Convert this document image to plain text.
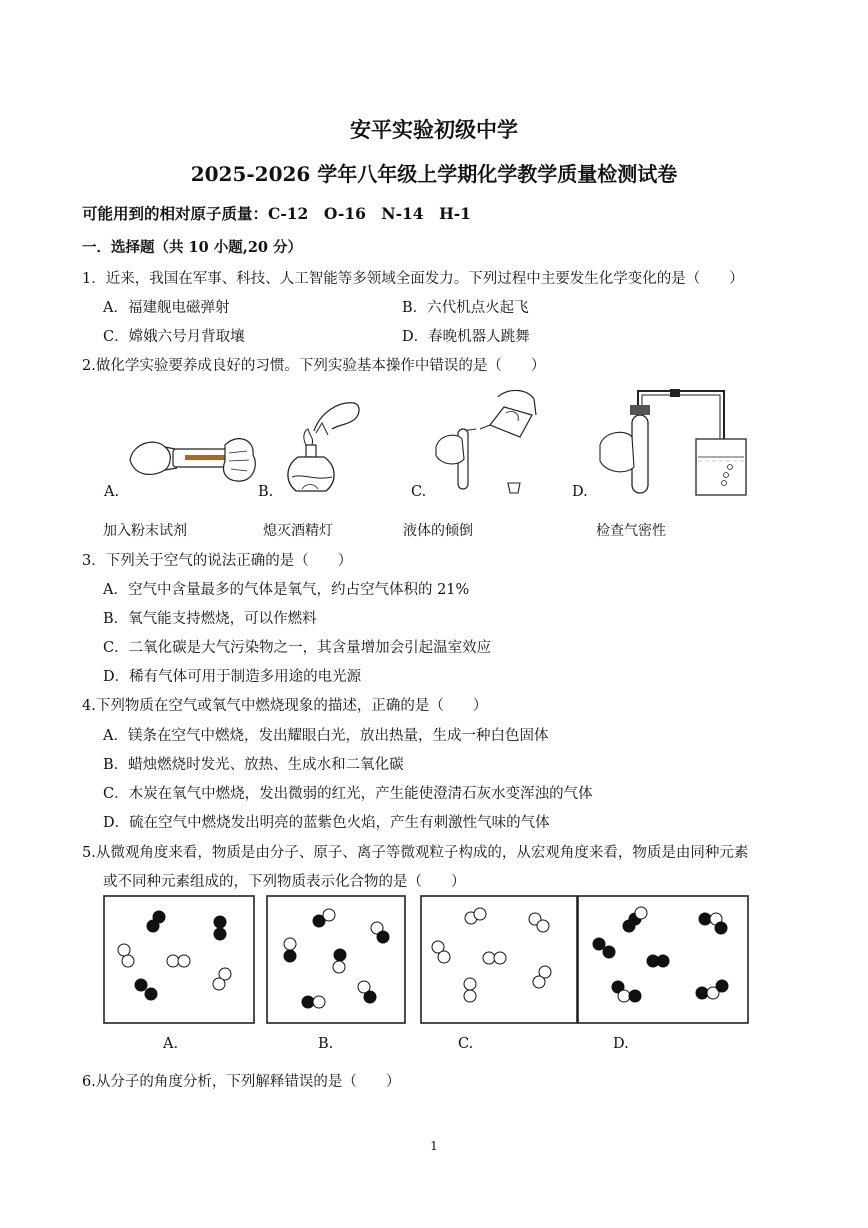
安平实验初级中学
2025-2026 学年八年级上学期化学教学质量检测试卷
可能用到的相对原子质量：C-12　O-16　N-14　H-1
一．选择题（共 10 小题,20 分）
1．近来，我国在军事、科技、人工智能等多领域全面发力。下列过程中主要发生化学变化的是（　　）
A．福建舰电磁弹射	B．六代机点火起飞
C．嫦娥六号月背取壤	D．春晚机器人跳舞
2.做化学实验要养成良好的习惯。下列实验基本操作中错误的是（　　）
A.	B.	C.	D.
加入粉末试剂	熄灭酒精灯	液体的倾倒	检查气密性
3．下列关于空气的说法正确的是（　　）
A．空气中含量最多的气体是氧气，约占空气体积的 21%
B．氧气能支持燃烧，可以作燃料
C．二氧化碳是大气污染物之一，其含量增加会引起温室效应
D．稀有气体可用于制造多用途的电光源
4.下列物质在空气或氧气中燃烧现象的描述，正确的是（　　）
A．镁条在空气中燃烧，发出耀眼白光，放出热量，生成一种白色固体
B．蜡烛燃烧时发光、放热、生成水和二氧化碳
C．木炭在氧气中燃烧，发出微弱的红光，产生能使澄清石灰水变浑浊的气体
D．硫在空气中燃烧发出明亮的蓝紫色火焰，产生有刺激性气味的气体
5.从微观角度来看，物质是由分子、原子、离子等微观粒子构成的，从宏观角度来看，物质是由同种元素
或不同种元素组成的，下列物质表示化合物的是（　　）
A.	B.	C.	D.
6.从分子的角度分析，下列解释错误的是（　　）
1
